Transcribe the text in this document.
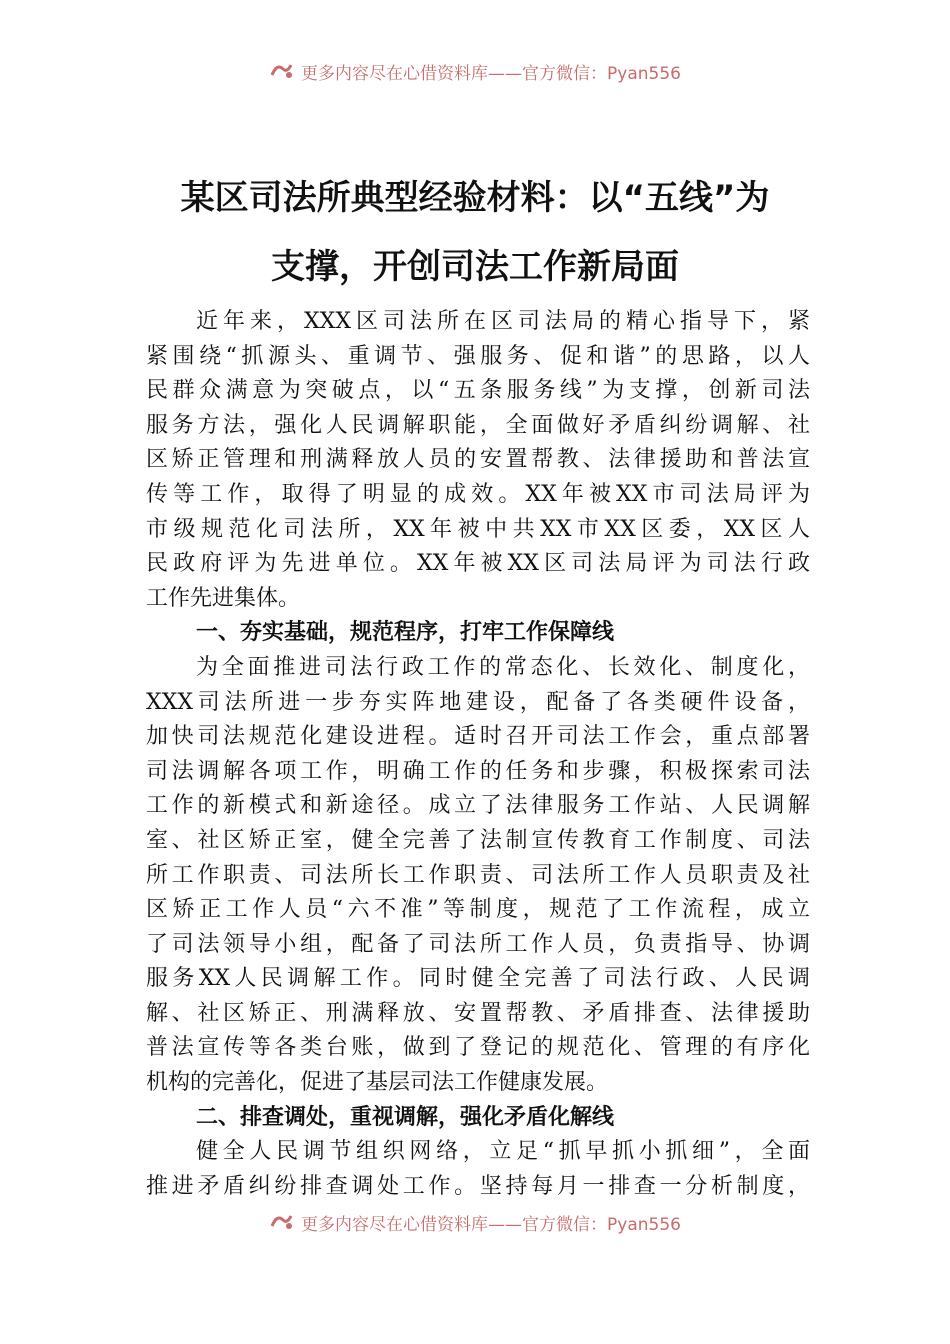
更多内容尽在心借资料库——官方微信：Pyan556
某区司法所典型经验材料：以“五线”为
支撑，开创司法工作新局面
近年来，XXX区司法所在区司法局的精心指导下，紧
紧围绕“抓源头、重调节、强服务、促和谐”的思路，以人
民群众满意为突破点，以“五条服务线”为支撑，创新司法
服务方法，强化人民调解职能，全面做好矛盾纠纷调解、社
区矫正管理和刑满释放人员的安置帮教、法律援助和普法宣
传等工作，取得了明显的成效。XX年被XX市司法局评为
市级规范化司法所，XX年被中共XX市XX区委，XX区人
民政府评为先进单位。XX年被XX区司法局评为司法行政
工作先进集体。
一、夯实基础，规范程序，打牢工作保障线
为全面推进司法行政工作的常态化、长效化、制度化，
XXX司法所进一步夯实阵地建设，配备了各类硬件设备，
加快司法规范化建设进程。适时召开司法工作会，重点部署
司法调解各项工作，明确工作的任务和步骤，积极探索司法
工作的新模式和新途径。成立了法律服务工作站、人民调解
室、社区矫正室，健全完善了法制宣传教育工作制度、司法
所工作职责、司法所长工作职责、司法所工作人员职责及社
区矫正工作人员“六不准”等制度，规范了工作流程，成立
了司法领导小组，配备了司法所工作人员，负责指导、协调
服务XX人民调解工作。同时健全完善了司法行政、人民调
解、社区矫正、刑满释放、安置帮教、矛盾排查、法律援助
普法宣传等各类台账，做到了登记的规范化、管理的有序化
机构的完善化，促进了基层司法工作健康发展。
二、排查调处，重视调解，强化矛盾化解线
健全人民调节组织网络，立足“抓早抓小抓细”，全面
推进矛盾纠纷排查调处工作。坚持每月一排查一分析制度，
更多内容尽在心借资料库——官方微信：Pyan556
